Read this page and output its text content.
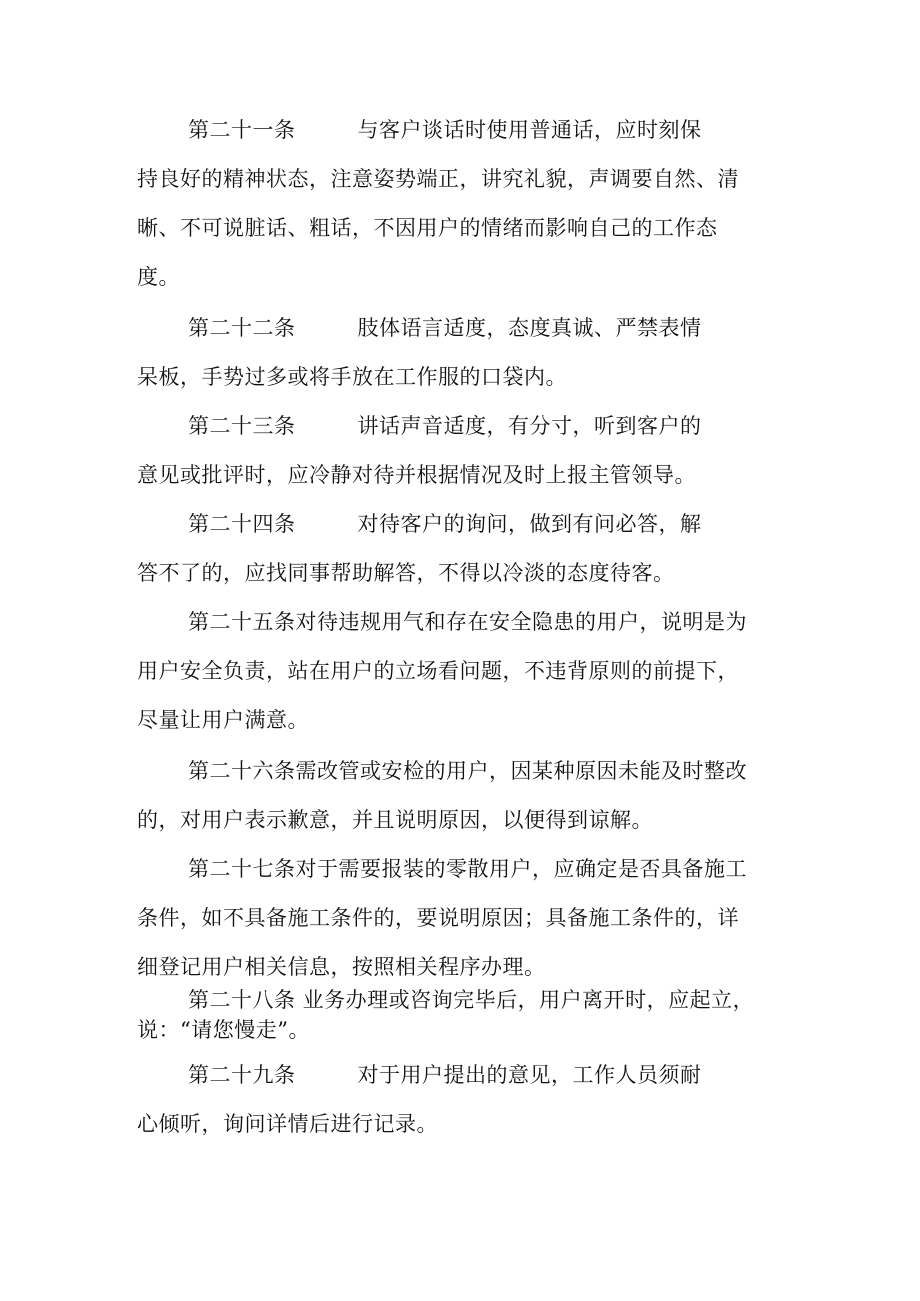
第二十一条	与客户谈话时使用普通话，应时刻保
持良好的精神状态，注意姿势端正，讲究礼貌，声调要自然、清
晰、不可说脏话、粗话，不因用户的情绪而影响自己的工作态
度。
第二十二条	肢体语言适度，态度真诚、严禁表情
呆板，手势过多或将手放在工作服的口袋内。
第二十三条	讲话声音适度，有分寸，听到客户的
意见或批评时，应冷静对待并根据情况及时上报主管领导。
第二十四条	对待客户的询问，做到有问必答，解
答不了的，应找同事帮助解答，不得以冷淡的态度待客。
第二十五条对待违规用气和存在安全隐患的用户，说明是为
用户安全负责，站在用户的立场看问题，不违背原则的前提下，
尽量让用户满意。
第二十六条需改管或安检的用户，因某种原因未能及时整改
的，对用户表示歉意，并且说明原因，以便得到谅解。
第二十七条对于需要报装的零散用户，应确定是否具备施工
条件，如不具备施工条件的，要说明原因；具备施工条件的，详
细登记用户相关信息，按照相关程序办理。
第二十八条 业务办理或咨询完毕后，用户离开时，应起立，
说：“请您慢走”。
第二十九条	对于用户提出的意见，工作人员须耐
心倾听，询问详情后进行记录。
